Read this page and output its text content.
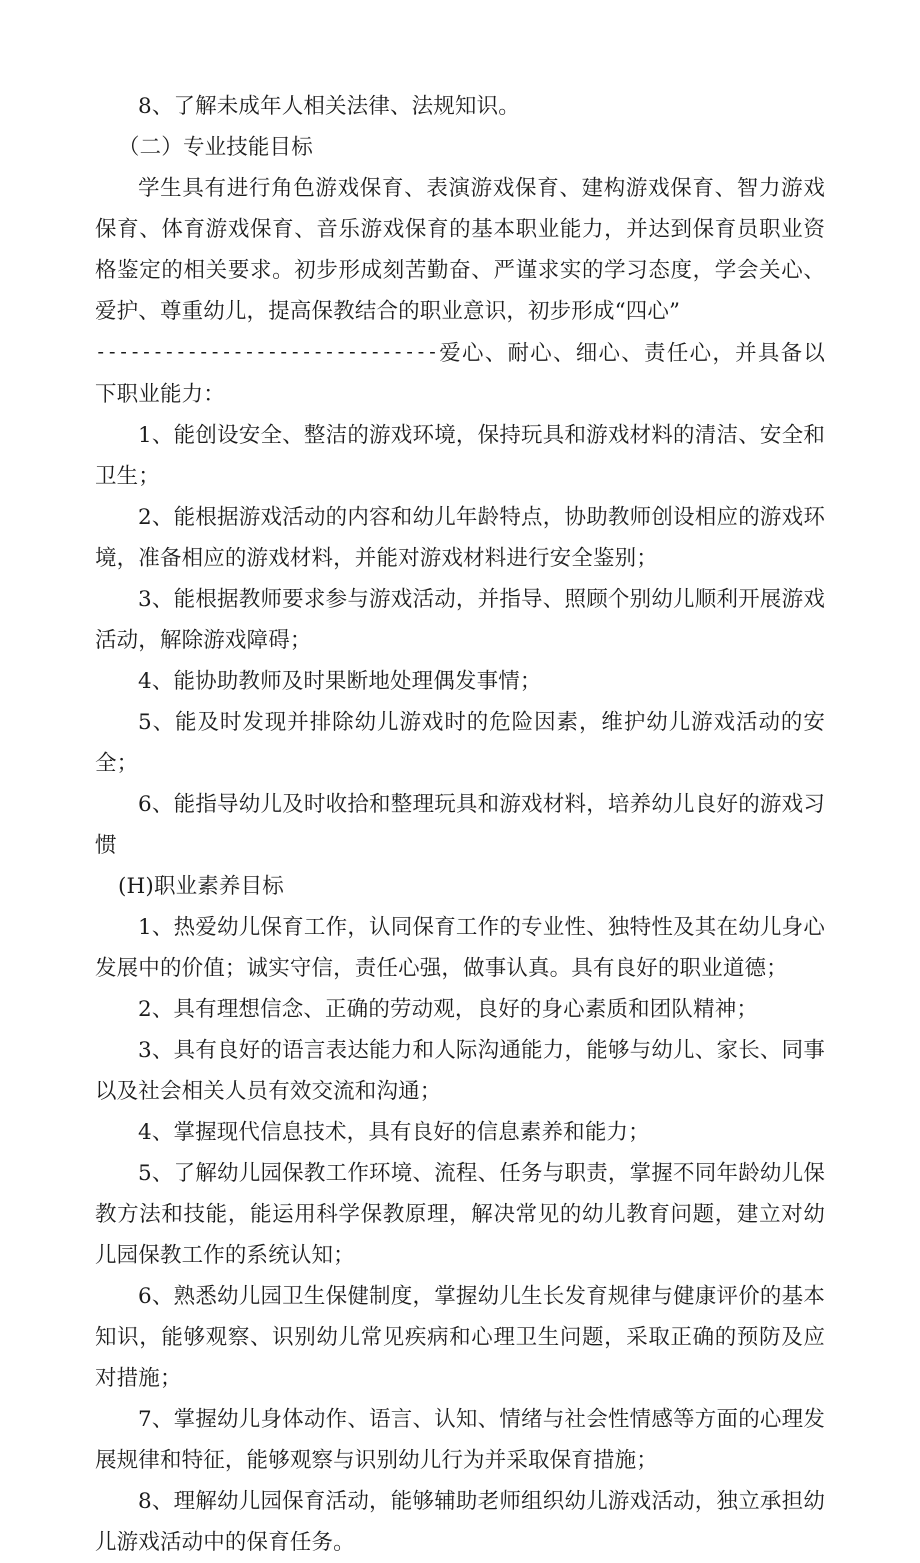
8、了解未成年人相关法律、法规知识。

（二）专业技能目标

学生具有进行角色游戏保育、表演游戏保育、建构游戏保育、智力游戏保育、体育游戏保育、音乐游戏保育的基本职业能力，并达到保育员职业资格鉴定的相关要求。初步形成刻苦勤奋、严谨求实的学习态度，学会关心、爱护、尊重幼儿，提高保教结合的职业意识，初步形成“四心”

------------------------------爱心、耐心、细心、责任心，并具备以下职业能力：

1、能创设安全、整洁的游戏环境，保持玩具和游戏材料的清洁、安全和卫生；

2、能根据游戏活动的内容和幼儿年龄特点，协助教师创设相应的游戏环境，准备相应的游戏材料，并能对游戏材料进行安全鉴别；

3、能根据教师要求参与游戏活动，并指导、照顾个别幼儿顺利开展游戏活动，解除游戏障碍；

4、能协助教师及时果断地处理偶发事情；

5、能及时发现并排除幼儿游戏时的危险因素，维护幼儿游戏活动的安全；

6、能指导幼儿及时收拾和整理玩具和游戏材料，培养幼儿良好的游戏习惯

(H)职业素养目标

1、热爱幼儿保育工作，认同保育工作的专业性、独特性及其在幼儿身心发展中的价值；诚实守信，责任心强，做事认真。具有良好的职业道德；

2、具有理想信念、正确的劳动观，良好的身心素质和团队精神；

3、具有良好的语言表达能力和人际沟通能力，能够与幼儿、家长、同事以及社会相关人员有效交流和沟通；

4、掌握现代信息技术，具有良好的信息素养和能力；

5、了解幼儿园保教工作环境、流程、任务与职责，掌握不同年龄幼儿保教方法和技能，能运用科学保教原理，解决常见的幼儿教育问题，建立对幼儿园保教工作的系统认知；

6、熟悉幼儿园卫生保健制度，掌握幼儿生长发育规律与健康评价的基本知识，能够观察、识别幼儿常见疾病和心理卫生问题，采取正确的预防及应对措施；

7、掌握幼儿身体动作、语言、认知、情绪与社会性情感等方面的心理发展规律和特征，能够观察与识别幼儿行为并采取保育措施；

8、理解幼儿园保育活动，能够辅助老师组织幼儿游戏活动，独立承担幼儿游戏活动中的保育任务。
